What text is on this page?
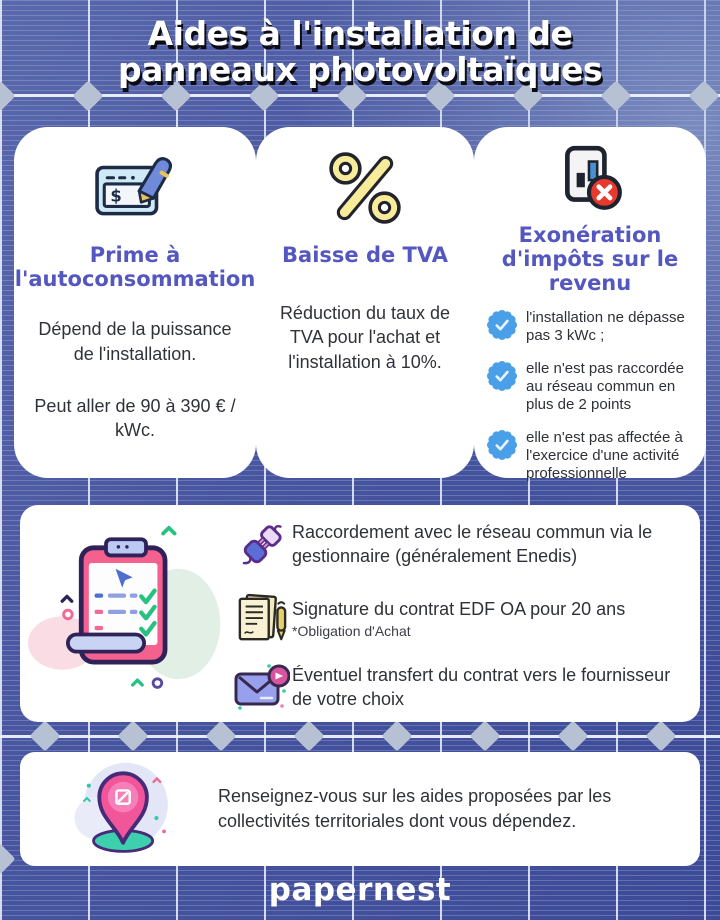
Aides à l'installation de
panneaux photovoltaïques
$
Prime à l'autoconsommation
Dépend de la puissance de l'installation.
Peut aller de 90 à 390 € / kWc.
Baisse de TVA
Réduction du taux de TVA pour l'achat et l'installation à 10%.
Exonération d'impôts sur le revenu
l'installation ne dépasse pas 3 kWc ;
elle n'est pas raccordée au réseau commun en plus de 2 points
elle n'est pas affectée à l'exercice d'une activité professionnelle
Raccordement avec le réseau commun via le gestionnaire (généralement Enedis)
Signature du contrat EDF OA pour 20 ans
*Obligation d'Achat
Éventuel transfert du contrat vers le fournisseur de votre choix
Renseignez-vous sur les aides proposées par les collectivités territoriales dont vous dépendez.
papernest
